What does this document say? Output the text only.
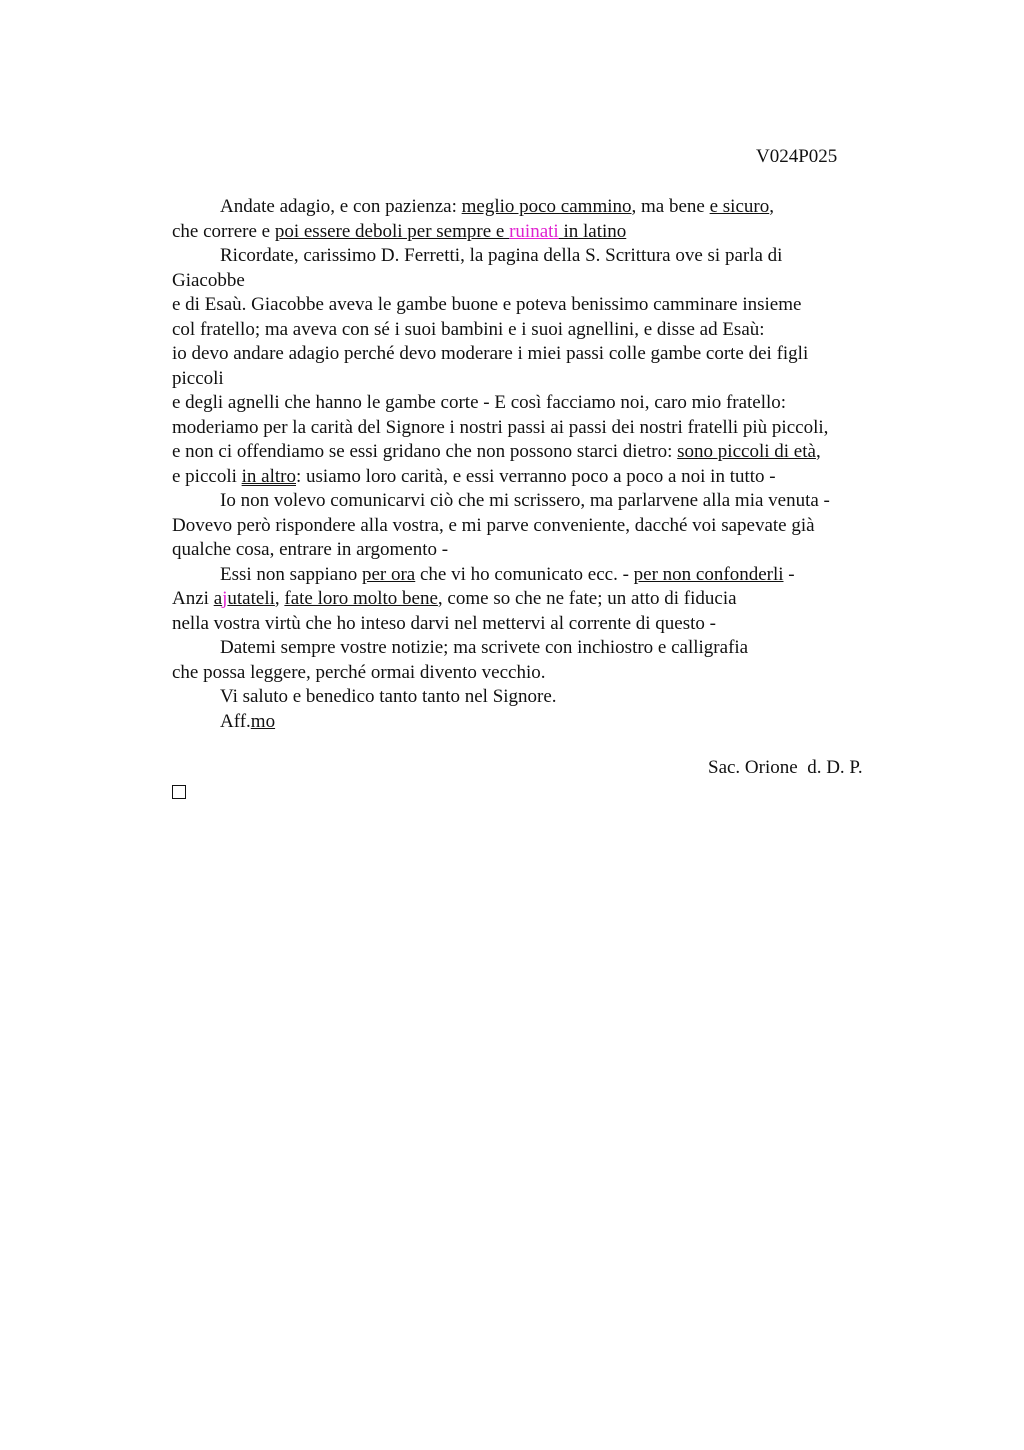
V024P025
Andate adagio, e con pazienza: meglio poco cammino, ma bene e sicuro,
che correre e poi essere deboli per sempre e ruinati in latino
Ricordate, carissimo D. Ferretti, la pagina della S. Scrittura ove si parla di
Giacobbe
e di Esaù. Giacobbe aveva le gambe buone e poteva benissimo camminare insieme
col fratello; ma aveva con sé i suoi bambini e i suoi agnellini, e disse ad Esaù:
io devo andare adagio perché devo moderare i miei passi colle gambe corte dei figli
piccoli
e degli agnelli che hanno le gambe corte - E così facciamo noi, caro mio fratello:
moderiamo per la carità del Signore i nostri passi ai passi dei nostri fratelli più piccoli,
e non ci offendiamo se essi gridano che non possono starci dietro: sono piccoli di età,
e piccoli in altro: usiamo loro carità, e essi verranno poco a poco a noi in tutto -
Io non volevo comunicarvi ciò che mi scrissero, ma parlarvene alla mia venuta -
Dovevo però rispondere alla vostra, e mi parve conveniente, dacché voi sapevate già
qualche cosa, entrare in argomento -
Essi non sappiano per ora che vi ho comunicato ecc. - per non confonderli -
Anzi ajutateli, fate loro molto bene, come so che ne fate; un atto di fiducia
nella vostra virtù che ho inteso darvi nel mettervi al corrente di questo -
Datemi sempre vostre notizie; ma scrivete con inchiostro e calligrafia
che possa leggere, perché ormai divento vecchio.
Vi saluto e benedico tanto tanto nel Signore.
Aff.mo
Sac. Orione  d. D. P.
